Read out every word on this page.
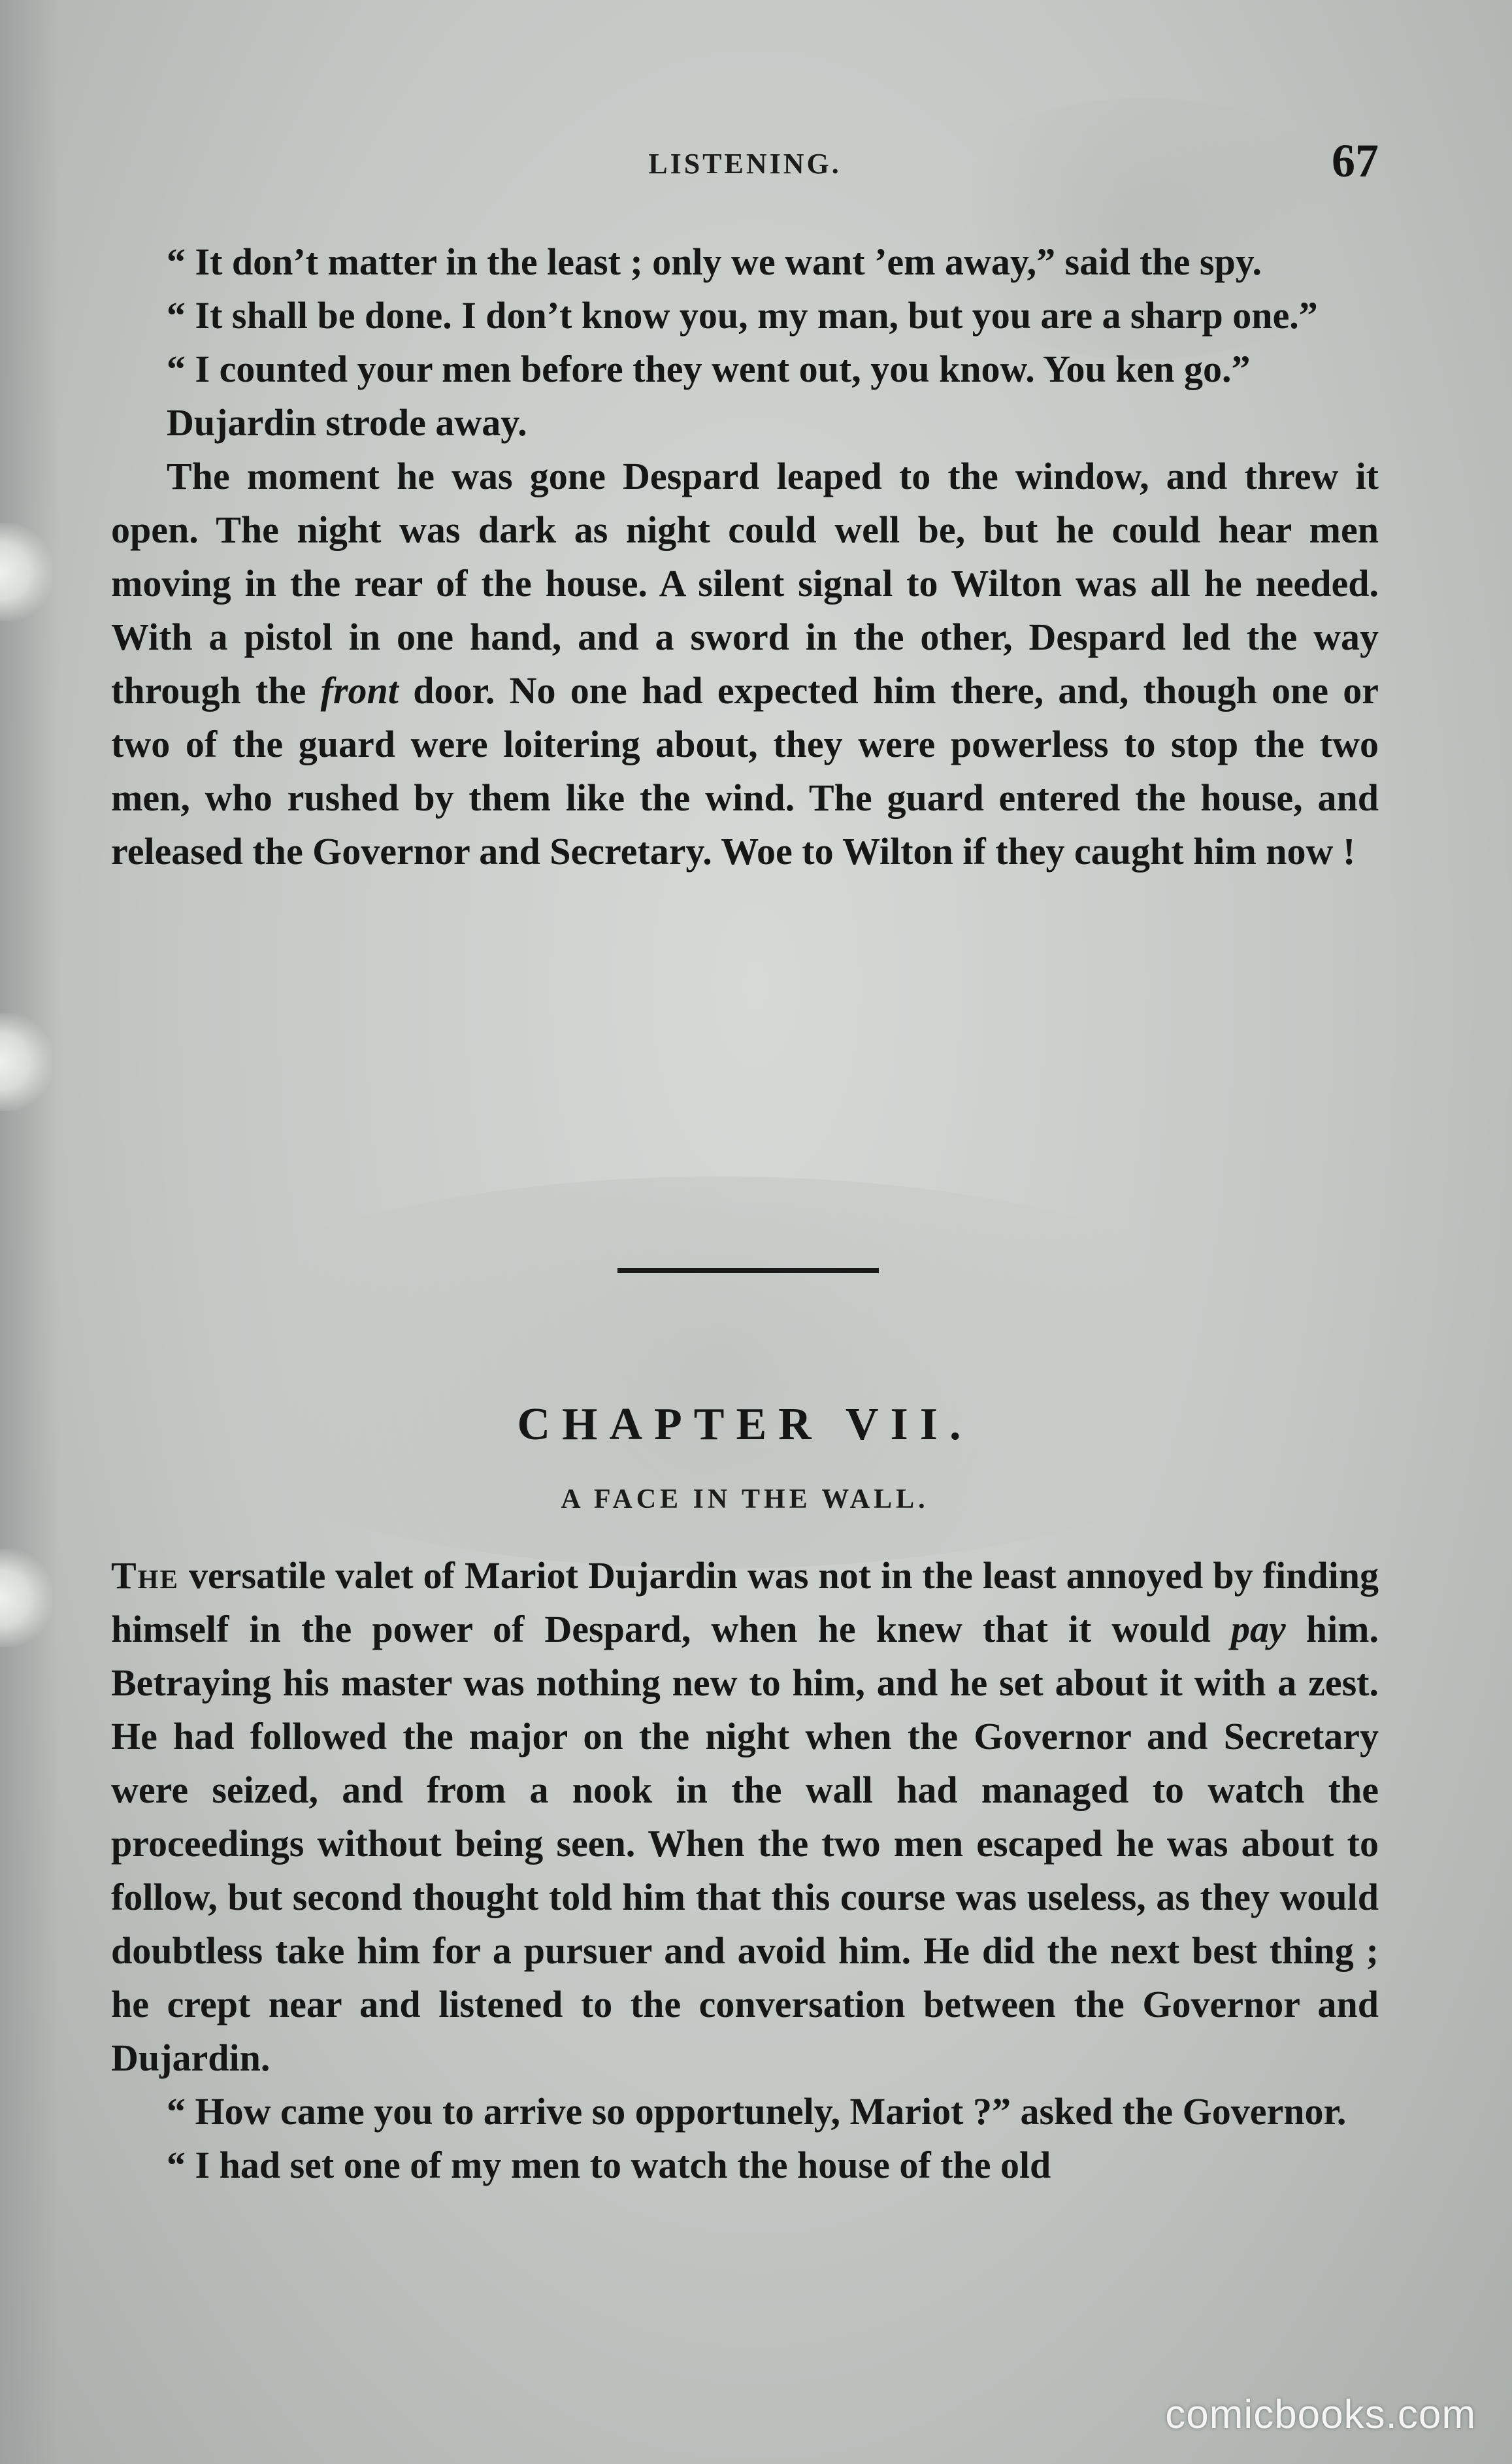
LISTENING.	67

“ It don’t matter in the least ; only we want ’em away,” said the spy.

“ It shall be done. I don’t know you, my man, but you are a sharp one.”

“ I counted your men before they went out, you know. You ken go.”

Dujardin strode away.

The moment he was gone Despard leaped to the window, and threw it open. The night was dark as night could well be, but he could hear men moving in the rear of the house. A silent signal to Wilton was all he needed. With a pistol in one hand, and a sword in the other, Despard led the way through the front door. No one had expected him there, and, though one or two of the guard were loitering about, they were powerless to stop the two men, who rushed by them like the wind. The guard entered the house, and released the Governor and Secretary. Woe to Wilton if they caught him now !

CHAPTER VII.
A FACE IN THE WALL.

The versatile valet of Mariot Dujardin was not in the least annoyed by finding himself in the power of Despard, when he knew that it would pay him. Betraying his master was nothing new to him, and he set about it with a zest. He had followed the major on the night when the Governor and Secretary were seized, and from a nook in the wall had managed to watch the proceedings without being seen. When the two men escaped he was about to follow, but second thought told him that this course was useless, as they would doubtless take him for a pursuer and avoid him. He did the next best thing ; he crept near and listened to the conversation between the Governor and Dujardin.

“ How came you to arrive so opportunely, Mariot ?” asked the Governor.

“ I had set one of my men to watch the house of the old

comicbooks.com
